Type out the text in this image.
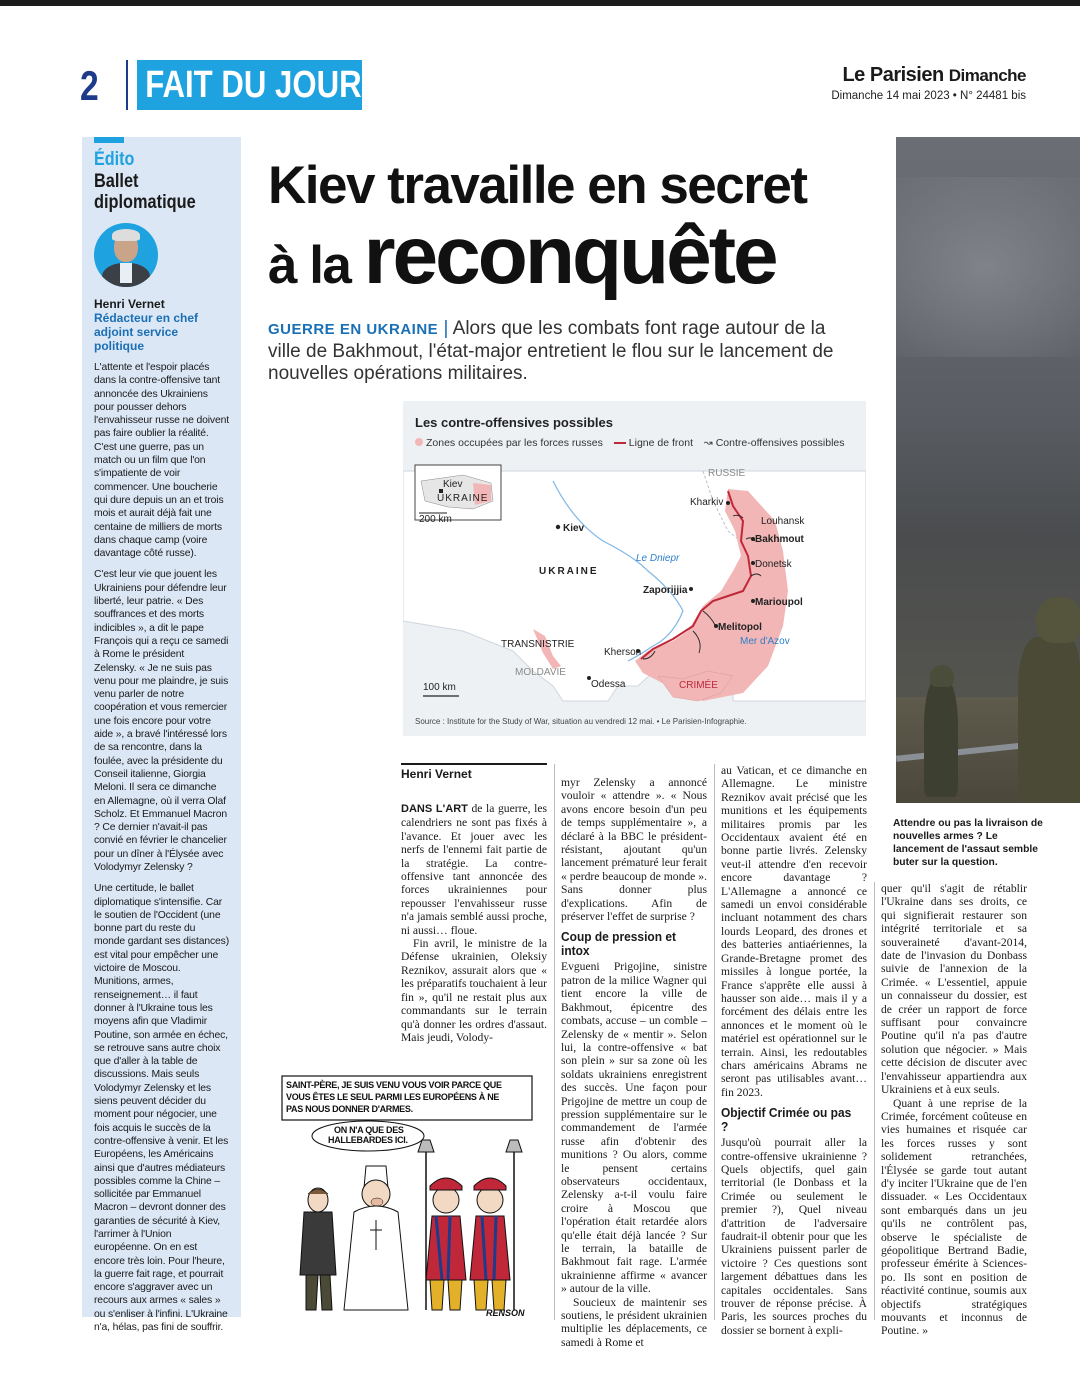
2 FAIT DU JOUR	Le Parisien Dimanche
Dimanche 14 mai 2023 • N° 24481 bis
Édito
Ballet diplomatique
Henri Vernet
Rédacteur en chef adjoint service politique

L'attente et l'espoir placés dans la contre-offensive tant annoncée des Ukrainiens pour pousser dehors l'envahisseur russe ne doivent pas faire oublier la réalité. C'est une guerre, pas un match ou un film que l'on s'impatiente de voir commencer. Une boucherie qui dure depuis un an et trois mois et aurait déjà fait une centaine de milliers de morts dans chaque camp (voire davantage côté russe).

C'est leur vie que jouent les Ukrainiens pour défendre leur liberté, leur patrie. « Des souffrances et des morts indicibles », a dit le pape François qui a reçu ce samedi à Rome le président Zelensky. « Je ne suis pas venu pour me plaindre, je suis venu parler de notre coopération et vous remercier une fois encore pour votre aide », a bravé l'intéressé lors de sa rencontre, dans la foulée, avec la présidente du Conseil italienne, Giorgia Meloni. Il sera ce dimanche en Allemagne, où il verra Olaf Scholz. Et Emmanuel Macron ? Ce dernier n'avait-il pas convié en février le chancelier pour un dîner à l'Élysée avec Volodymyr Zelensky ?

Une certitude, le ballet diplomatique s'intensifie. Car le soutien de l'Occident (une bonne part du reste du monde gardant ses distances) est vital pour empêcher une victoire de Moscou. Munitions, armes, renseignement… il faut donner à l'Ukraine tous les moyens afin que Vladimir Poutine, son armée en échec, se retrouve sans autre choix que d'aller à la table de discussions. Mais seuls Volodymyr Zelensky et les siens peuvent décider du moment pour négocier, une fois acquis le succès de la contre-offensive à venir. Et les Européens, les Américains ainsi que d'autres médiateurs possibles comme la Chine – sollicitée par Emmanuel Macron – devront donner des garanties de sécurité à Kiev, l'arrimer à l'Union européenne. On en est encore très loin. Pour l'heure, la guerre fait rage, et pourrait encore s'aggraver avec un recours aux armes « sales » ou s'enliser à l'infini. L'Ukraine n'a, hélas, pas fini de souffrir.

Kiev travaille en secret
à la reconquête
GUERRE EN UKRAINE | Alors que les combats font rage autour de la ville de Bakhmout, l'état-major entretient le flou sur le lancement de nouvelles opérations militaires.
Les contre-offensives possibles
Zones occupées par les forces russes Ligne de front ↝ Contre-offensives possibles
Kiev
UKRAINE
200 km
RUSSIE
Kharkiv
Kiev
Louhansk
Bakhmout
Le Dniepr
Donetsk
UKRAINE
Zaporijjia
Marioupol
Melitopol
Mer d'Azov
TRANSNISTRIE
Kherson
MOLDAVIE
Odessa	CRIMÉE
100 km
Source : Institute for the Study of War, situation au vendredi 12 mai. • Le Parisien-Infographie.
Attendre ou pas la livraison de nouvelles armes ? Le lancement de l'assaut semble buter sur la question.
Henri Vernet

DANS L'ART de la guerre, les calendriers ne sont pas fixés à l'avance. Et jouer avec les nerfs de l'ennemi fait partie de la stratégie. La contre-offensive tant annoncée des forces ukrainiennes pour repousser l'envahisseur russe n'a jamais semblé aussi proche, ni aussi… floue.

Fin avril, le ministre de la Défense ukrainien, Oleksiy Reznikov, assurait alors que « les préparatifs touchaient à leur fin », qu'il ne restait plus aux commandants sur le terrain qu'à donner les ordres d'assaut. Mais jeudi, Volody-

myr Zelensky a annoncé vouloir « attendre ». « Nous avons encore besoin d'un peu de temps supplémentaire », a déclaré à la BBC le président-résistant, ajoutant qu'un lancement prématuré leur ferait « perdre beaucoup de monde ». Sans donner plus d'explications. Afin de préserver l'effet de surprise ?

Coup de pression et intox

Evgueni Prigojine, sinistre patron de la milice Wagner qui tient encore la ville de Bakhmout, épicentre des combats, accuse – un comble – Zelensky de « mentir ». Selon lui, la contre-offensive « bat son plein » sur sa zone où les soldats ukrainiens enregistrent des succès. Une façon pour Prigojine de mettre un coup de pression supplémentaire sur le commandement de l'armée russe afin d'obtenir des munitions ? Ou alors, comme le pensent certains observateurs occidentaux, Zelensky a-t-il voulu faire croire à Moscou que l'opération était retardée alors qu'elle était déjà lancée ? Sur le terrain, la bataille de Bakhmout fait rage. L'armée ukrainienne affirme « avancer » autour de la ville.

Soucieux de maintenir ses soutiens, le président ukrainien multiplie les déplacements, ce samedi à Rome et

au Vatican, et ce dimanche en Allemagne. Le ministre Reznikov avait précisé que les munitions et les équipements militaires promis par les Occidentaux avaient été en bonne partie livrés. Zelensky veut-il attendre d'en recevoir encore davantage ? L'Allemagne a annoncé ce samedi un envoi considérable incluant notamment des chars lourds Leopard, des drones et des batteries antiaériennes, la Grande-Bretagne promet des missiles à longue portée, la France s'apprête elle aussi à hausser son aide… mais il y a forcément des délais entre les annonces et le moment où le matériel est opérationnel sur le terrain. Ainsi, les redoutables chars américains Abrams ne seront pas utilisables avant… fin 2023.

Objectif Crimée ou pas ?

Jusqu'où pourrait aller la contre-offensive ukrainienne ? Quels objectifs, quel gain territorial (le Donbass et la Crimée ou seulement le premier ?), Quel niveau d'attrition de l'adversaire faudrait-il obtenir pour que les Ukrainiens puissent parler de victoire ? Ces questions sont largement débattues dans les capitales occidentales. Sans trouver de réponse précise. À Paris, les sources proches du dossier se bornent à expli-

quer qu'il s'agit de rétablir l'Ukraine dans ses droits, ce qui signifierait restaurer son intégrité territoriale et sa souveraineté d'avant-2014, date de l'invasion du Donbass suivie de l'annexion de la Crimée. « L'essentiel, appuie un connaisseur du dossier, est de créer un rapport de force suffisant pour convaincre Poutine qu'il n'a pas d'autre solution que négocier. » Mais cette décision de discuter avec l'envahisseur appartiendra aux Ukrainiens et à eux seuls.

Quant à une reprise de la Crimée, forcément coûteuse en vies humaines et risquée car les forces russes y sont solidement retranchées, l'Élysée se garde tout autant d'y inciter l'Ukraine que de l'en dissuader. « Les Occidentaux sont embarqués dans un jeu qu'ils ne contrôlent pas, observe le spécialiste de géopolitique Bertrand Badie, professeur émérite à Sciences-po. Ils sont en position de réactivité continue, soumis aux objectifs stratégiques mouvants et inconnus de Poutine. »

SAINT-PÈRE, JE SUIS VENU VOUS VOIR PARCE QUE
VOUS ÊTES LE SEUL PARMI LES EUROPÉENS À NE
PAS NOUS DONNER D'ARMES.
ON N'A QUE DES
HALLEBARDES ICI.
RENSON
